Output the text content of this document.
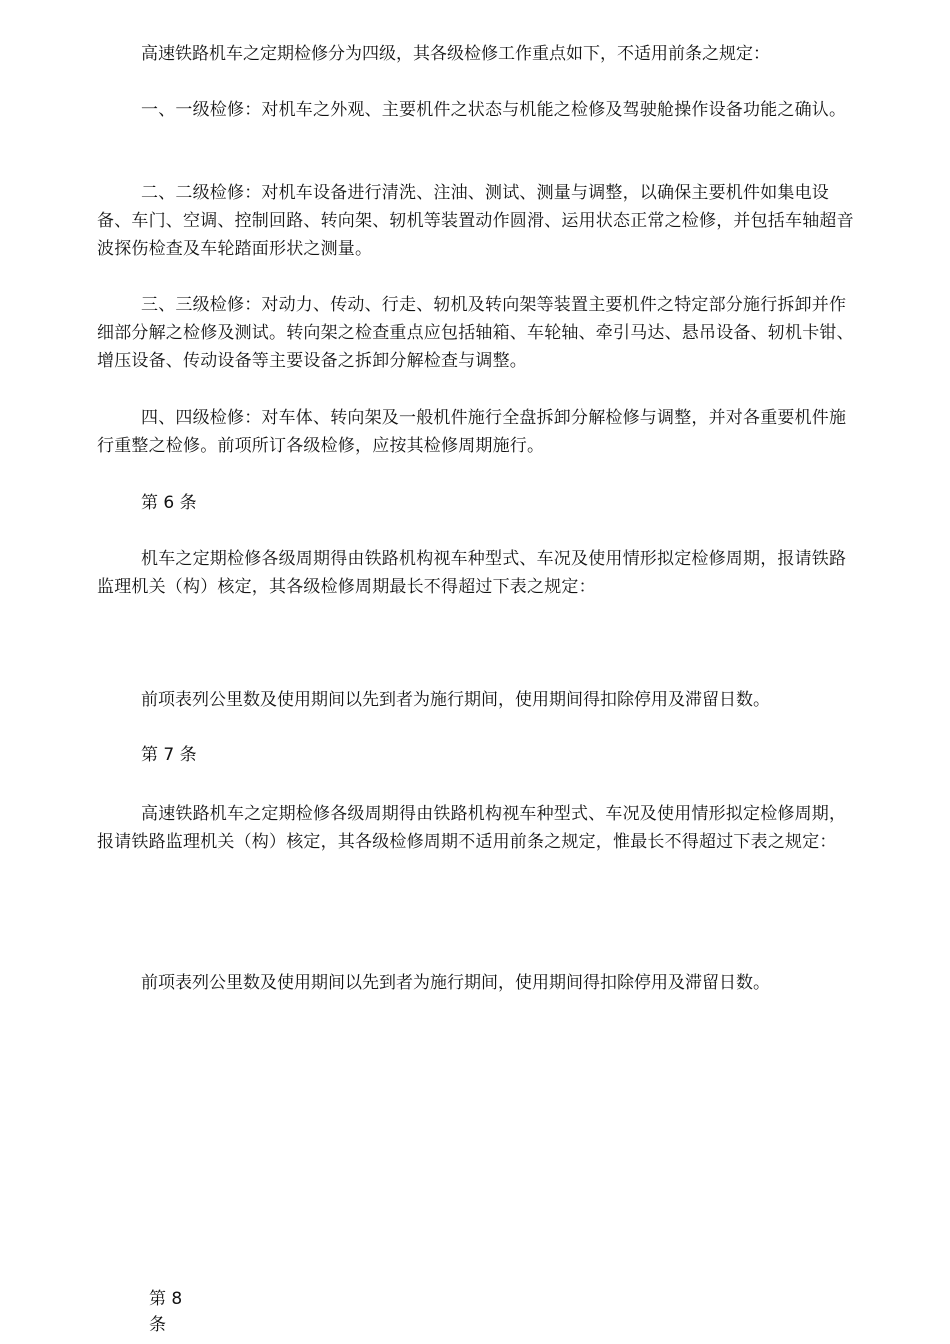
高速铁路机车之定期检修分为四级，其各级检修工作重点如下，不适用前条之规定：

一、一级检修：对机车之外观、主要机件之状态与机能之检修及驾驶舱操作设备功能之确认。

二、二级检修：对机车设备进行清洗、注油、测试、测量与调整，以确保主要机件如集电设备、车门、空调、控制回路、转向架、轫机等装置动作圆滑、运用状态正常之检修，并包括车轴超音波探伤检查及车轮踏面形状之测量。

三、三级检修：对动力、传动、行走、轫机及转向架等装置主要机件之特定部分施行拆卸并作细部分解之检修及测试。转向架之检查重点应包括轴箱、车轮轴、牵引马达、悬吊设备、轫机卡钳、增压设备、传动设备等主要设备之拆卸分解检查与调整。

四、四级检修：对车体、转向架及一般机件施行全盘拆卸分解检修与调整，并对各重要机件施行重整之检修。前项所订各级检修，应按其检修周期施行。

第 6 条

机车之定期检修各级周期得由铁路机构视车种型式、车况及使用情形拟定检修周期，报请铁路监理机关（构）核定，其各级检修周期最长不得超过下表之规定：

前项表列公里数及使用期间以先到者为施行期间，使用期间得扣除停用及滞留日数。

第 7 条

高速铁路机车之定期检修各级周期得由铁路机构视车种型式、车况及使用情形拟定检修周期，报请铁路监理机关（构）核定，其各级检修周期不适用前条之规定，惟最长不得超过下表之规定：

前项表列公里数及使用期间以先到者为施行期间，使用期间得扣除停用及滞留日数。

第 8
条
